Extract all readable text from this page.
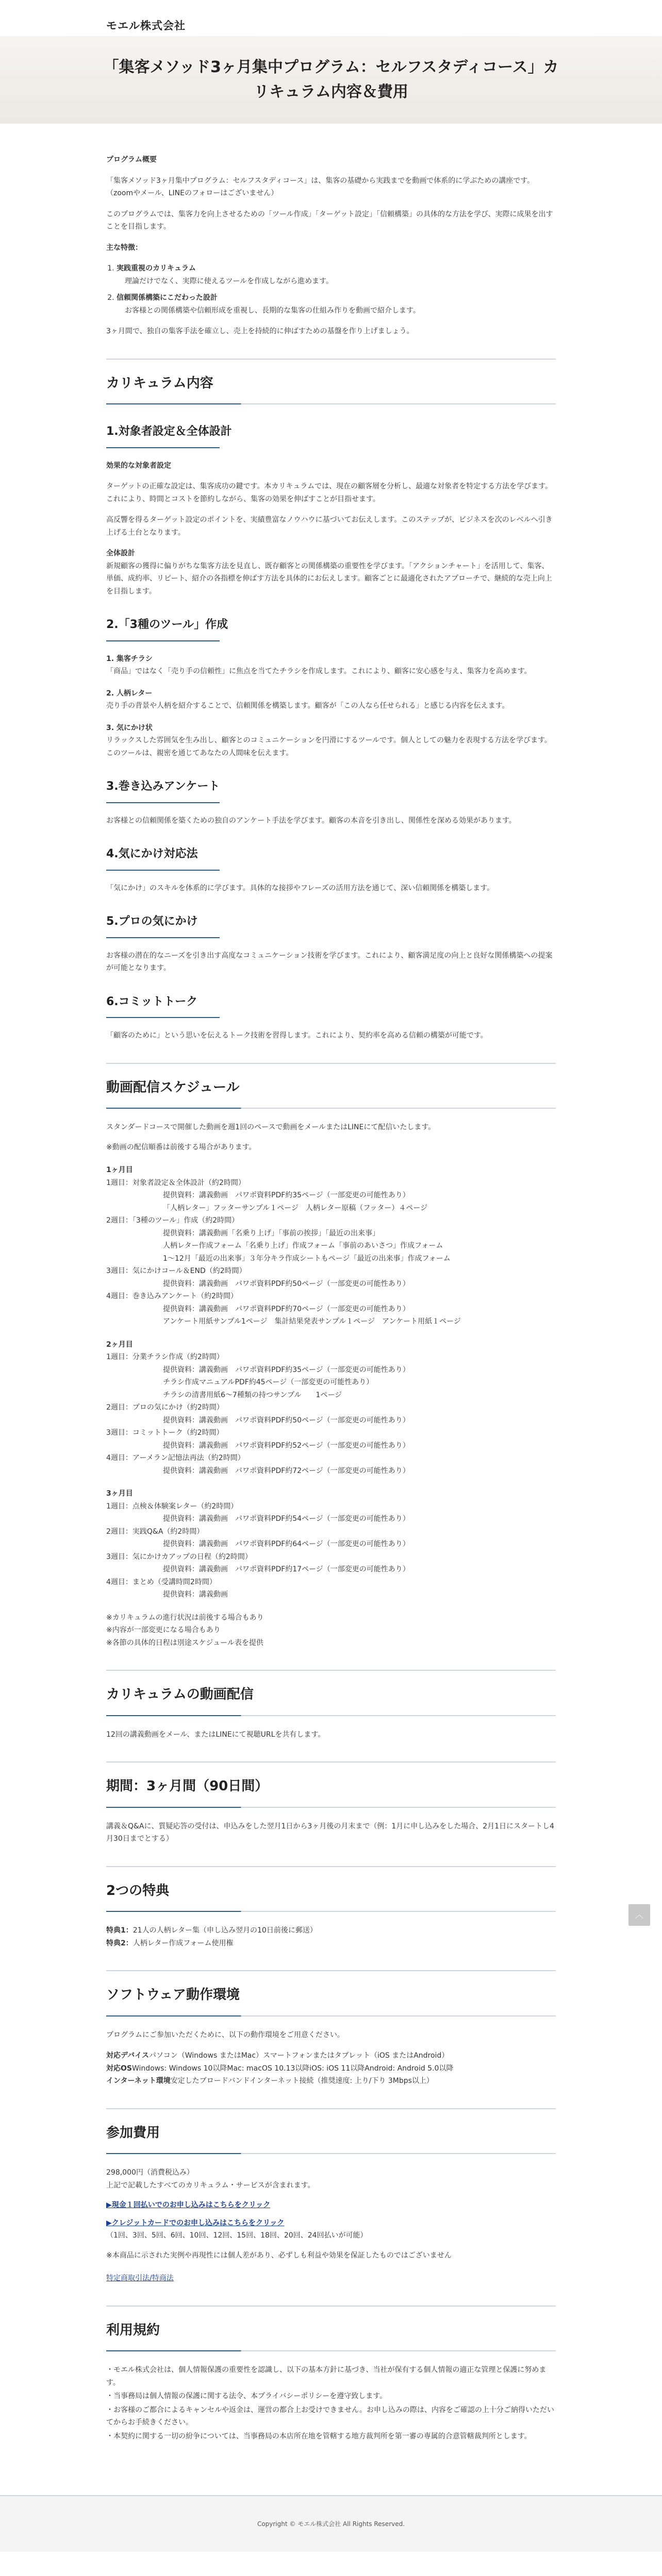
モエル株式会社
「集客メソッド3ヶ月集中プログラム：セルフスタディコース」カリキュラム内容＆費用
プログラム概要

「集客メソッド3ヶ月集中プログラム：セルフスタディコース」は、集客の基礎から実践までを動画で体系的に学ぶための講座です。（zoomやメール、LINEのフォローはございません）

このプログラムでは、集客力を向上させるための「ツール作成」「ターゲット設定」「信頼構築」の具体的な方法を学び、実際に成果を出すことを目指します。

主な特徴：
1. 実践重視のカリキュラム
理論だけでなく、実際に使えるツールを作成しながら進めます。
2. 信頼関係構築にこだわった設計
お客様との関係構築や信頼形成を重視し、長期的な集客の仕組み作りを動画で紹介します。

3ヶ月間で、独自の集客手法を確立し、売上を持続的に伸ばすための基盤を作り上げましょう。

カリキュラム内容
1.対象者設定＆全体設計
効果的な対象者設定

ターゲットの正確な設定は、集客成功の鍵です。本カリキュラムでは、現在の顧客層を分析し、最適な対象者を特定する方法を学びます。これにより、時間とコストを節約しながら、集客の効果を伸ばすことが目指せます。

高反響を得るターゲット設定のポイントを、実績豊富なノウハウに基づいてお伝えします。このステップが、ビジネスを次のレベルへ引き上げる土台となります。

全体設計

新規顧客の獲得に偏りがちな集客方法を見直し、既存顧客との関係構築の重要性を学びます。「アクションチャート」を活用して、集客、単価、成約率、リピート、紹介の各指標を伸ばす方法を具体的にお伝えします。顧客ごとに最適化されたアプローチで、継続的な売上向上を目指します。

2.「3種のツール」作成
1. 集客チラシ

「商品」ではなく「売り手の信頼性」に焦点を当てたチラシを作成します。これにより、顧客に安心感を与え、集客力を高めます。

2. 人柄レター

売り手の背景や人柄を紹介することで、信頼関係を構築します。顧客が「この人なら任せられる」と感じる内容を伝えます。

3. 気にかけ状

リラックスした雰囲気を生み出し、顧客とのコミュニケーションを円滑にするツールです。個人としての魅力を表現する方法を学びます。このツールは、親密を通じてあなたの人間味を伝えます。

3.巻き込みアンケート

お客様との信頼関係を築くための独自のアンケート手法を学びます。顧客の本音を引き出し、関係性を深める効果があります。

4.気にかけ対応法

「気にかけ」のスキルを体系的に学びます。具体的な接拶やフレーズの活用方法を通じて、深い信頼関係を構築します。

5.プロの気にかけ

お客様の潜在的なニーズを引き出す高度なコミュニケーション技術を学びます。これにより、顧客満足度の向上と良好な関係構築への提案が可能となります。

6.コミットトーク

「顧客のために」という思いを伝えるトーク技術を習得します。これにより、契約率を高める信頼の構築が可能です。

動画配信スケジュール

スタンダードコースで開催した動画を週1回のペースで動画をメールまたはLINEにて配信いたします。

※動画の配信順番は前後する場合があります。

1ヶ月目
1週目：対象者設定＆全体設計（約2時間）
提供資料：講義動画　パワポ資料PDF約35ページ（一部変更の可能性あり）
「人柄レター」フッターサンプル１ページ　人柄レター原稿（フッター）４ページ
2週目：「3種のツール」作成（約2時間）
提供資料：講義動画「名乗り上げ」「事前の挨拶」「最近の出来事」
人柄レター作成フォーム「名乗り上げ」作成フォーム「事前のあいさつ」作成フォーム
1〜12月「最近の出来事」３年分キラ作成シートもページ「最近の出来事」作成フォーム
3週目：気にかけコール＆END（約2時間）
提供資料：講義動画　パワポ資料PDF約50ページ（一部変更の可能性あり）
4週目：巻き込みアンケート（約2時間）
提供資料：講義動画　パワポ資料PDF約70ページ（一部変更の可能性あり）
アンケート用紙サンプル1ページ　集計結果発表サンプル１ページ　アンケート用紙１ページ
2ヶ月目
1週目：分業チラシ作成（約2時間）
提供資料：講義動画　パワポ資料PDF約35ページ（一部変更の可能性あり）
チラシ作成マニュアルPDF約45ページ（一部変更の可能性あり）
チラシの清書用紙6〜7種類の持つサンプル　　1ページ
2週目：プロの気にかけ（約2時間）
提供資料：講義動画　パワポ資料PDF約50ページ（一部変更の可能性あり）
3週目：コミットトーク（約2時間）
提供資料：講義動画　パワポ資料PDF約52ページ（一部変更の可能性あり）
4週目：アーメラン記憶法再法（約2時間）
提供資料：講義動画　パワポ資料PDF約72ページ（一部変更の可能性あり）
3ヶ月目
1週目：点検＆体験案レター（約2時間）
提供資料：講義動画　パワポ資料PDF約54ページ（一部変更の可能性あり）
2週目：実践Q&A（約2時間）
提供資料：講義動画　パワポ資料PDF約64ページ（一部変更の可能性あり）
3週目：気にかけカアップの日程（約2時間）
提供資料：講義動画　パワポ資料PDF約17ページ（一部変更の可能性あり）
4週目：まとめ（受講時間2時間）
提供資料：講義動画
※カリキュラムの進行状況は前後する場合もあり
※内容が一部変更になる場合もあり
※各節の具体的日程は別途スケジュール表を提供
カリキュラムの動画配信

12回の講義動画をメール、またはLINEにて視聴URLを共有します。

期間：3ヶ月間（90日間）

講義＆Q&Aに、質疑応答の受付は、申込みをした翌月1日から3ヶ月後の月末まで（例：1月に申し込みをした場合、2月1日にスタートし4月30日までとする）

2つの特典
特典1：21人の人柄レター集（申し込み翌月の10日前後に郵送）
特典2：人柄レター作成フォーム使用権
ソフトウェア動作環境

プログラムにご参加いただくために、以下の動作環境をご用意ください。

対応デバイスパソコン（Windows またはMac）スマートフォンまたはタブレット（iOS またはAndroid）
対応OSWindows: Windows 10以降Mac: macOS 10.13以降iOS: iOS 11以降Android: Android 5.0以降
インターネット環境安定したブロードバンドインターネット接続（推奨速度: 上り/下り 3Mbps以上）
参加費用

298,000円（消費税込み）

上記で記載したすべてのカリキュラム・サービスが含まれます。

▶現金１回払いでのお申し込みはこちらをクリック
▶クレジットカードでのお申し込みはこちらをクリック

（1回、3回、5回、6回、10回、12回、15回、18回、20回、24回払いが可能）

※本商品に示された実例や再現性には個人差があり、必ずしも利益や効果を保証したものではございません

特定商取引法/特商法

利用規約
・モエル株式会社は、個人情報保護の重要性を認識し、以下の基本方針に基づき、当社が保有する個人情報の適正な管理と保護に努めます。
・当事務局は個人情報の保護に関する法令、本プライバシーポリシーを遵守致します。
・お客様のご都合によるキャンセルや返金は、運営の都合上お受けできません。お申し込みの際は、内容をご確認の上十分ご納得いただいてからお手続きください。
・本契約に関する一切の紛争については、当事務局の本店所在地を管轄する地方裁判所を第一審の専属的合意管轄裁判所とします。
Copyright © モエル株式会社 All Rights Reserved.
︿
